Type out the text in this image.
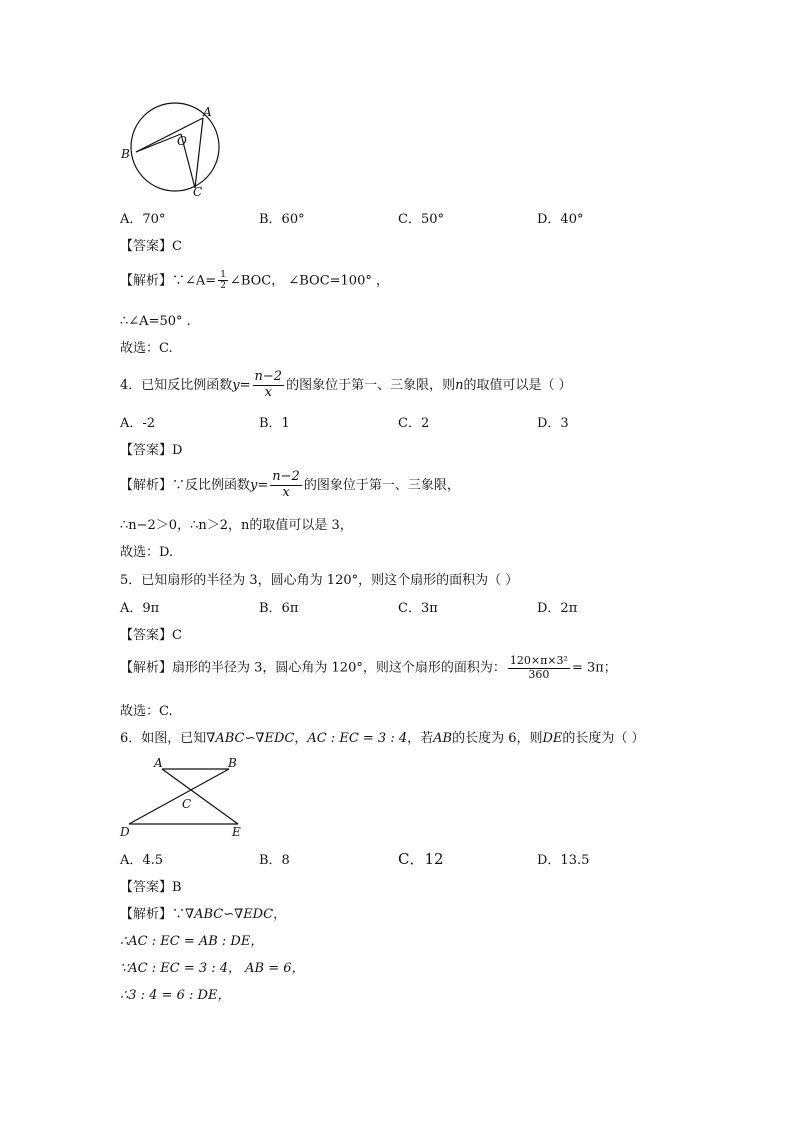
A
B
O
C
A．70°	B．60°	C．50°	D．40°
【答案】C
【解析】∵∠A= $\frac{1}{2}$ ∠BOC， ∠BOC=100° ，
∴∠A=50° .
故选：C.
4．已知反比例函数$y= \frac{n-2}{x}$ 的图象位于第一、三象限，则n的取值可以是（ ）
A．-2	B．1	C．2	D．3
【答案】D
【解析】∵反比例函数$y= \frac{n-2}{x}$ 的图象位于第一、三象限，
∴n−2＞0，∴n＞2，n的取值可以是 3，
故选：D.
5．已知扇形的半径为 3，圆心角为 120°，则这个扇形的面积为（ ）
A．9π	B．6π	C．3π	D．2π
【答案】C
【解析】扇形的半径为 3，圆心角为 120°，则这个扇形的面积为： $\frac{\text{120×π×3²}}{360} = 3\pi$；
故选：C.
6．如图，已知∇ABC∽∇EDC，AC : EC = 3 : 4，若AB的长度为 6，则DE的长度为（ ）
A	B
C
D	E
A．4.5	B．8	C．12	D．13.5
【答案】B
【解析】∵∇ABC∽∇EDC，
∴AC : EC = AB : DE，
∵AC : EC = 3 : 4， AB = 6，
∴3 : 4 = 6 : DE，
